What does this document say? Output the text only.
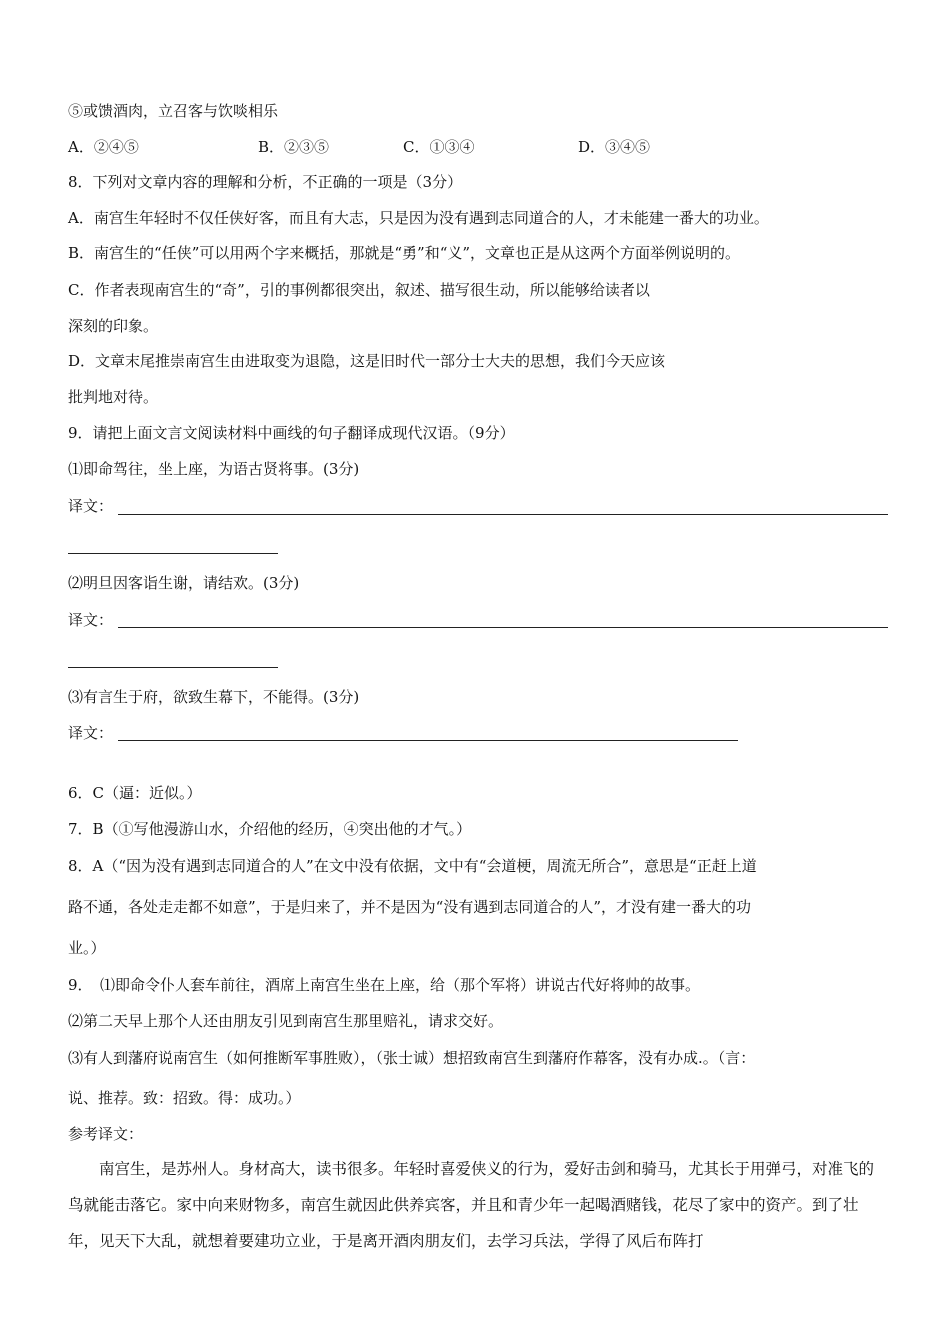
⑤或馈酒肉，立召客与饮啖相乐
A．②④⑤	B．②③⑤	C．①③④	D．③④⑤
8．下列对文章内容的理解和分析，不正确的一项是（3分）
A．南宫生年轻时不仅任侠好客，而且有大志，只是因为没有遇到志同道合的人，才未能建一番大的功业。
B．南宫生的“任侠”可以用两个字来概括，那就是“勇”和“义”，文章也正是从这两个方面举例说明的。
C．作者表现南宫生的“奇”，引的事例都很突出，叙述、描写很生动，所以能够给读者以
深刻的印象。
D．文章末尾推崇南宫生由进取变为退隐，这是旧时代一部分士大夫的思想，我们今天应该
批判地对待。
9．请把上面文言文阅读材料中画线的句子翻译成现代汉语。（9分）
⑴即命驾往，坐上座，为语古贤将事。(3分)
译文：
⑵明旦因客诣生谢，请结欢。(3分)
译文：
⑶有言生于府，欲致生幕下，不能得。(3分)
译文：
6．C（逼：近似。）
7．B（①写他漫游山水，介绍他的经历，④突出他的才气。）
8．A（“因为没有遇到志同道合的人”在文中没有依据，文中有“会道梗，周流无所合”，意思是“正赶上道
路不通，各处走走都不如意”，于是归来了，并不是因为“没有遇到志同道合的人”，才没有建一番大的功
业。）
9．　⑴即命令仆人套车前往，酒席上南宫生坐在上座，给（那个军将）讲说古代好将帅的故事。
⑵第二天早上那个人还由朋友引见到南宫生那里赔礼，请求交好。
⑶有人到藩府说南宫生（如何推断军事胜败），（张士诚）想招致南宫生到藩府作幕客，没有办成.。（言：
说、推荐。致：招致。得：成功。）
参考译文：

南宫生，是苏州人。身材高大，读书很多。年轻时喜爱侠义的行为，爱好击剑和骑马，尤其长于用弹弓，对准飞的鸟就能击落它。家中向来财物多，南宫生就因此供养宾客，并且和青少年一起喝酒赌钱，花尽了家中的资产。到了壮年，见天下大乱，就想着要建功立业，于是离开酒肉朋友们，去学习兵法，学得了风后布阵打
